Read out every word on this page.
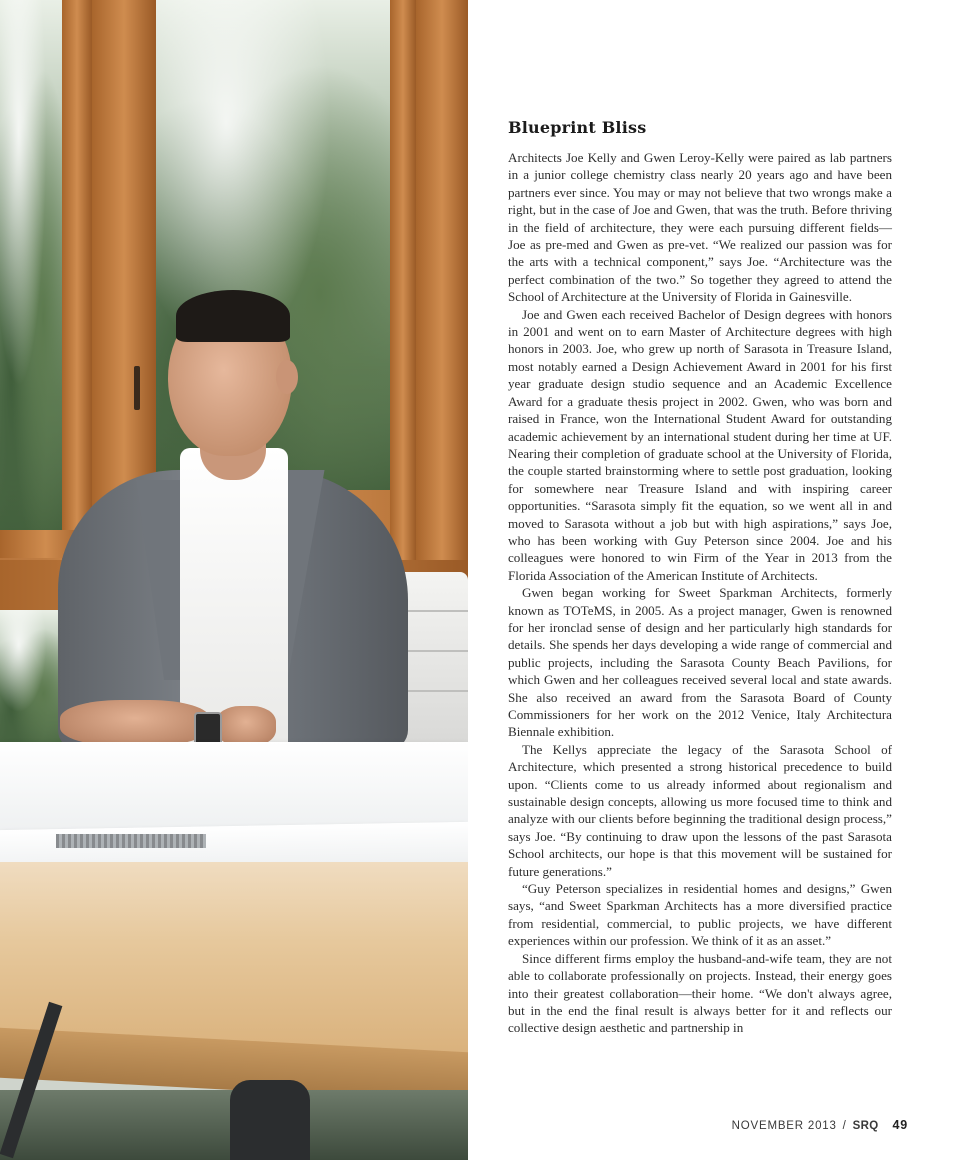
Blueprint Bliss

Architects Joe Kelly and Gwen Leroy-Kelly were paired as lab partners in a junior college chemistry class nearly 20 years ago and have been partners ever since. You may or may not believe that two wrongs make a right, but in the case of Joe and Gwen, that was the truth. Before thriving in the field of architecture, they were each pursuing different fields— Joe as pre-med and Gwen as pre-vet. “We realized our passion was for the arts with a technical component,” says Joe. “Architecture was the perfect combination of the two.” So together they agreed to attend the School of Architecture at the University of Florida in Gainesville.

Joe and Gwen each received Bachelor of Design degrees with honors in 2001 and went on to earn Master of Architecture degrees with high honors in 2003. Joe, who grew up north of Sarasota in Treasure Island, most notably earned a Design Achievement Award in 2001 for his first year graduate design studio sequence and an Academic Excellence Award for a graduate thesis project in 2002. Gwen, who was born and raised in France, won the International Student Award for outstanding academic achievement by an international student during her time at UF. Nearing their completion of graduate school at the University of Florida, the couple started brainstorming where to settle post graduation, looking for somewhere near Treasure Island and with inspiring career opportunities. “Sarasota simply fit the equation, so we went all in and moved to Sarasota without a job but with high aspirations,” says Joe, who has been working with Guy Peterson since 2004. Joe and his colleagues were honored to win Firm of the Year in 2013 from the Florida Association of the American Institute of Architects.

Gwen began working for Sweet Sparkman Architects, formerly known as TOTeMS, in 2005. As a project manager, Gwen is renowned for her ironclad sense of design and her particularly high standards for details. She spends her days developing a wide range of commercial and public projects, including the Sarasota County Beach Pavilions, for which Gwen and her colleagues received several local and state awards. She also received an award from the Sarasota Board of County Commissioners for her work on the 2012 Venice, Italy Architectura Biennale exhibition.

The Kellys appreciate the legacy of the Sarasota School of Architecture, which presented a strong historical precedence to build upon. “Clients come to us already informed about regionalism and sustainable design concepts, allowing us more focused time to think and analyze with our clients before beginning the traditional design process,” says Joe. “By continuing to draw upon the lessons of the past Sarasota School architects, our hope is that this movement will be sustained for future generations.”

“Guy Peterson specializes in residential homes and designs,” Gwen says, “and Sweet Sparkman Architects has a more diversified practice from residential, commercial, to public projects, we have different experiences within our profession. We think of it as an asset.”

Since different firms employ the husband-and-wife team, they are not able to collaborate professionally on projects. Instead, their energy goes into their greatest collaboration—their home. “We don't always agree, but in the end the final result is always better for it and reflects our collective design aesthetic and partnership in

NOVEMBER 2013 / SRQ 49
